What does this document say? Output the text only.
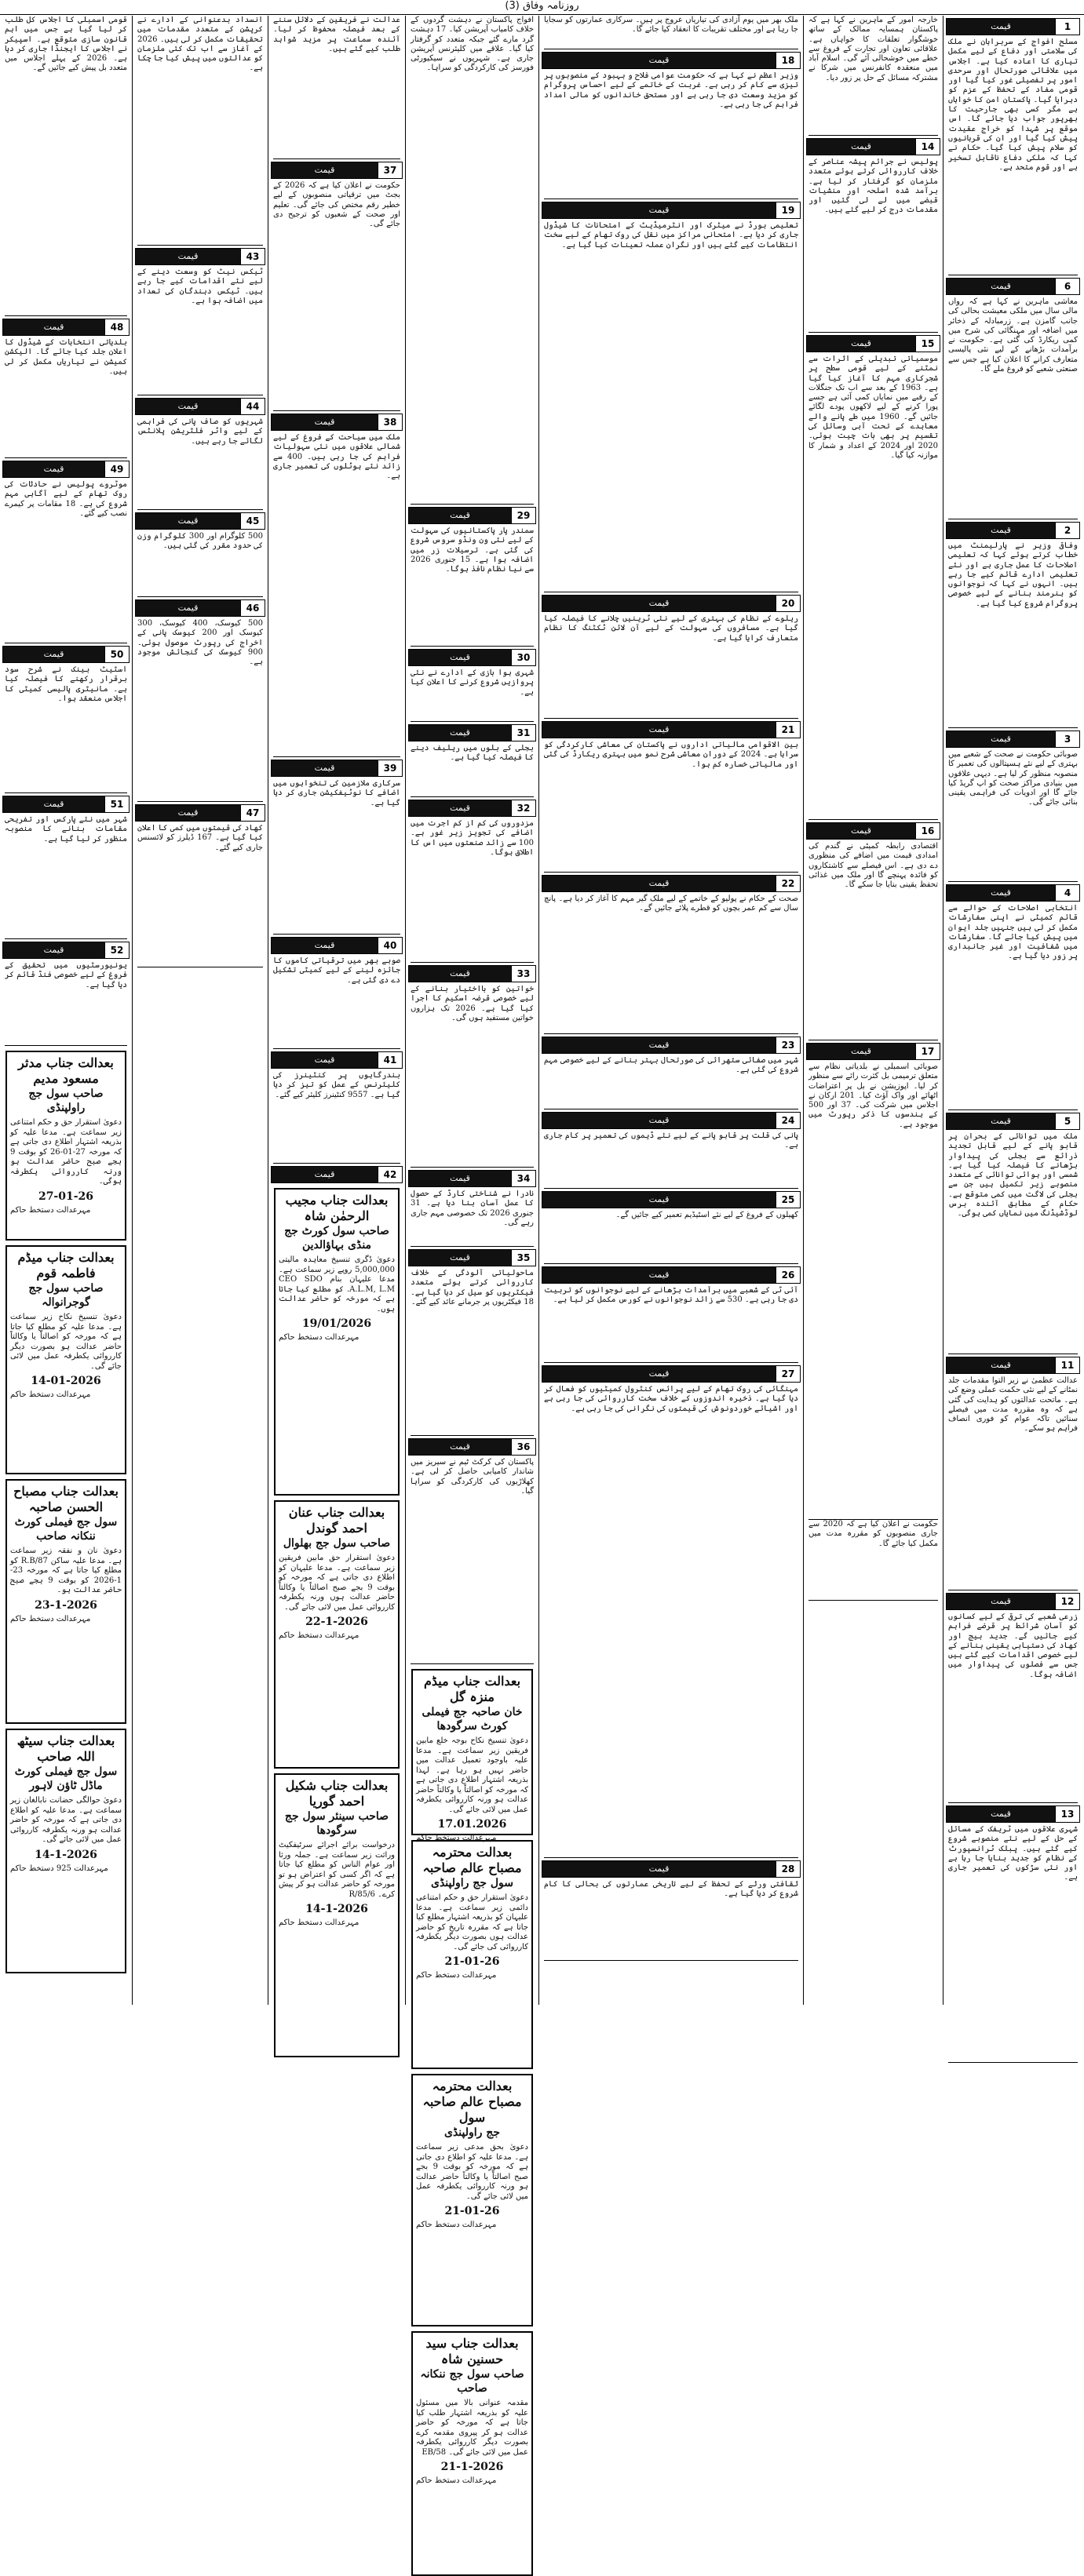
روزنامہ وفاق (3)
1
قیمت
مسلح افواج کے سربراہان نے ملک کی سلامتی اور دفاع کے لیے مکمل تیاری کا اعادہ کیا ہے۔ اجلاس میں علاقائی صورتحال اور سرحدی امور پر تفصیلی غور کیا گیا اور قومی مفاد کے تحفظ کے عزم کو دہرایا گیا۔ پاکستان امن کا خواہاں ہے مگر کسی بھی جارحیت کا بھرپور جواب دیا جائے گا۔ اس موقع پر شہدا کو خراج عقیدت پیش کیا گیا اور ان کی قربانیوں کو سلام پیش کیا گیا۔ حکام نے کہا کہ ملکی دفاع ناقابل تسخیر ہے اور قوم متحد ہے۔
6
قیمت
معاشی ماہرین نے کہا ہے کہ رواں مالی سال میں ملکی معیشت بحالی کی جانب گامزن ہے۔ زرمبادلہ کے ذخائر میں اضافہ اور مہنگائی کی شرح میں کمی ریکارڈ کی گئی ہے۔ حکومت نے برآمدات بڑھانے کے لیے نئی پالیسی متعارف کرانے کا اعلان کیا ہے جس سے صنعتی شعبے کو فروغ ملے گا۔
2
قیمت
وفاقی وزیر نے پارلیمنٹ میں خطاب کرتے ہوئے کہا کہ تعلیمی اصلاحات کا عمل جاری ہے اور نئے تعلیمی ادارے قائم کیے جا رہے ہیں۔ انہوں نے کہا کہ نوجوانوں کو ہنرمند بنانے کے لیے خصوصی پروگرام شروع کیا گیا ہے۔
3
قیمت
صوبائی حکومت نے صحت کے شعبے میں بہتری کے لیے نئے ہسپتالوں کی تعمیر کا منصوبہ منظور کر لیا ہے۔ دیہی علاقوں میں بنیادی مراکز صحت کو اپ گریڈ کیا جائے گا اور ادویات کی فراہمی یقینی بنائی جائے گی۔
4
قیمت
انتخابی اصلاحات کے حوالے سے قائم کمیٹی نے اپنی سفارشات مکمل کر لی ہیں جنہیں جلد ایوان میں پیش کیا جائے گا۔ سفارشات میں شفافیت اور غیر جانبداری پر زور دیا گیا ہے۔
5
قیمت
ملک میں توانائی کے بحران پر قابو پانے کے لیے قابل تجدید ذرائع سے بجلی کی پیداوار بڑھانے کا فیصلہ کیا گیا ہے۔ شمسی اور ہوائی توانائی کے متعدد منصوبے زیر تکمیل ہیں جن سے بجلی کی لاگت میں کمی متوقع ہے۔ حکام کے مطابق آئندہ برس لوڈشیڈنگ میں نمایاں کمی ہوگی۔
11
قیمت
عدالت عظمیٰ نے زیر التوا مقدمات جلد نمٹانے کے لیے نئی حکمت عملی وضع کی ہے۔ ماتحت عدالتوں کو ہدایت کی گئی ہے کہ وہ مقررہ مدت میں فیصلے سنائیں تاکہ عوام کو فوری انصاف فراہم ہو سکے۔
12
قیمت
زرعی شعبے کی ترقی کے لیے کسانوں کو آسان شرائط پر قرضے فراہم کیے جائیں گے۔ جدید بیج اور کھاد کی دستیابی یقینی بنانے کے لیے خصوصی اقدامات کیے گئے ہیں جس سے فصلوں کی پیداوار میں اضافہ ہوگا۔
13
قیمت
شہری علاقوں میں ٹریفک کے مسائل کے حل کے لیے نئے منصوبے شروع کیے گئے ہیں۔ پبلک ٹرانسپورٹ کے نظام کو جدید بنایا جا رہا ہے اور نئی سڑکوں کی تعمیر جاری ہے۔
خارجہ امور کے ماہرین نے کہا ہے کہ پاکستان ہمسایہ ممالک کے ساتھ خوشگوار تعلقات کا خواہاں ہے۔ علاقائی تعاون اور تجارت کے فروغ سے خطے میں خوشحالی آئے گی۔ اسلام آباد میں منعقدہ کانفرنس میں شرکا نے مشترکہ مسائل کے حل پر زور دیا۔
14
قیمت
پولیس نے جرائم پیشہ عناصر کے خلاف کارروائی کرتے ہوئے متعدد ملزمان کو گرفتار کر لیا ہے۔ برآمد شدہ اسلحہ اور منشیات قبضے میں لے لی گئیں اور مقدمات درج کر لیے گئے ہیں۔
15
قیمت
موسمیاتی تبدیلی کے اثرات سے نمٹنے کے لیے قومی سطح پر شجرکاری مہم کا آغاز کیا گیا ہے۔ 1963 کے بعد سے اب تک جنگلات کے رقبے میں نمایاں کمی آئی ہے جسے پورا کرنے کے لیے لاکھوں پودے لگائے جائیں گے۔ 1960 میں طے پانے والے معاہدے کے تحت آبی وسائل کی تقسیم پر بھی بات چیت ہوئی۔ 2020 اور 2024 کے اعداد و شمار کا موازنہ کیا گیا۔
16
قیمت
اقتصادی رابطہ کمیٹی نے گندم کی امدادی قیمت میں اضافے کی منظوری دے دی ہے۔ اس فیصلے سے کاشتکاروں کو فائدہ پہنچے گا اور ملک میں غذائی تحفظ یقینی بنایا جا سکے گا۔
17
قیمت
صوبائی اسمبلی نے بلدیاتی نظام سے متعلق ترمیمی بل کثرت رائے سے منظور کر لیا۔ اپوزیشن نے بل پر اعتراضات اٹھائے اور واک آؤٹ کیا۔ 201 ارکان نے اجلاس میں شرکت کی۔ 37 اور 500 کے ہندسوں کا ذکر رپورٹ میں موجود ہے۔
حکومت نے اعلان کیا ہے کہ 2020 سے جاری منصوبوں کو مقررہ مدت میں مکمل کیا جائے گا۔
ملک بھر میں یوم آزادی کی تیاریاں عروج پر ہیں۔ سرکاری عمارتوں کو سجایا جا رہا ہے اور مختلف تقریبات کا انعقاد کیا جائے گا۔
18
قیمت
وزیر اعظم نے کہا ہے کہ حکومت عوامی فلاح و بہبود کے منصوبوں پر تیزی سے کام کر رہی ہے۔ غربت کے خاتمے کے لیے احساس پروگرام کو مزید وسعت دی جا رہی ہے اور مستحق خاندانوں کو مالی امداد فراہم کی جا رہی ہے۔
19
قیمت
تعلیمی بورڈ نے میٹرک اور انٹرمیڈیٹ کے امتحانات کا شیڈول جاری کر دیا ہے۔ امتحانی مراکز میں نقل کی روک تھام کے لیے سخت انتظامات کیے گئے ہیں اور نگران عملہ تعینات کیا گیا ہے۔
20
قیمت
ریلوے کے نظام کی بہتری کے لیے نئی ٹرینیں چلانے کا فیصلہ کیا گیا ہے۔ مسافروں کی سہولت کے لیے آن لائن ٹکٹنگ کا نظام متعارف کرایا گیا ہے۔
21
قیمت
بین الاقوامی مالیاتی اداروں نے پاکستان کی معاشی کارکردگی کو سراہا ہے۔ 2024 کے دوران معاشی شرح نمو میں بہتری ریکارڈ کی گئی اور مالیاتی خسارہ کم ہوا۔
22
قیمت
صحت کے حکام نے پولیو کے خاتمے کے لیے ملک گیر مہم کا آغاز کر دیا ہے۔ پانچ سال سے کم عمر بچوں کو قطرے پلائے جائیں گے۔
23
قیمت
شہر میں صفائی ستھرائی کی صورتحال بہتر بنانے کے لیے خصوصی مہم شروع کی گئی ہے۔
24
قیمت
پانی کی قلت پر قابو پانے کے لیے نئے ڈیموں کی تعمیر پر کام جاری ہے۔
25
قیمت
کھیلوں کے فروغ کے لیے نئے اسٹیڈیم تعمیر کیے جائیں گے۔
26
قیمت
آئی ٹی کے شعبے میں برآمدات بڑھانے کے لیے نوجوانوں کو تربیت دی جا رہی ہے۔ 530 سے زائد نوجوانوں نے کورس مکمل کر لیا ہے۔
27
قیمت
مہنگائی کی روک تھام کے لیے پرائس کنٹرول کمیٹیوں کو فعال کر دیا گیا ہے۔ ذخیرہ اندوزوں کے خلاف سخت کارروائی کی جا رہی ہے اور اشیائے خوردونوش کی قیمتوں کی نگرانی کی جا رہی ہے۔
28
قیمت
ثقافتی ورثے کے تحفظ کے لیے تاریخی عمارتوں کی بحالی کا کام شروع کر دیا گیا ہے۔
افواج پاکستان نے دہشت گردوں کے خلاف کامیاب آپریشن کیا۔ 17 دہشت گرد مارے گئے جبکہ متعدد کو گرفتار کیا گیا۔ علاقے میں کلیئرنس آپریشن جاری ہے۔ شہریوں نے سیکیورٹی فورسز کی کارکردگی کو سراہا۔
29
قیمت
سمندر پار پاکستانیوں کی سہولت کے لیے نئی ون ونڈو سروس شروع کی گئی ہے۔ ترسیلات زر میں اضافہ ہوا ہے۔ 15 جنوری 2026 سے نیا نظام نافذ ہوگا۔
30
قیمت
شہری ہوا بازی کے ادارے نے نئی پروازیں شروع کرنے کا اعلان کیا ہے۔
31
قیمت
بجلی کے بلوں میں ریلیف دینے کا فیصلہ کیا گیا ہے۔
32
قیمت
مزدوروں کی کم از کم اجرت میں اضافے کی تجویز زیر غور ہے۔ 100 سے زائد صنعتوں میں اس کا اطلاق ہوگا۔
33
قیمت
خواتین کو بااختیار بنانے کے لیے خصوصی قرضہ اسکیم کا اجرا کیا گیا ہے۔ 2026 تک ہزاروں خواتین مستفید ہوں گی۔
34
قیمت
نادرا نے شناختی کارڈ کے حصول کا عمل آسان بنا دیا ہے۔ 31 جنوری 2026 تک خصوصی مہم جاری رہے گی۔
35
قیمت
ماحولیاتی آلودگی کے خلاف کارروائی کرتے ہوئے متعدد فیکٹریوں کو سیل کر دیا گیا ہے۔ 18 فیکٹریوں پر جرمانے عائد کیے گئے۔
36
قیمت
پاکستان کی کرکٹ ٹیم نے سیریز میں شاندار کامیابی حاصل کر لی ہے۔ کھلاڑیوں کی کارکردگی کو سراہا گیا۔
بعدالت جناب میڈم منزہ گل
خان صاحبہ جج فیملی کورٹ سرگودھا
دعویٰ تنسیخ نکاح بوجہ خلع مابین فریقین زیر سماعت ہے۔ مدعا علیہ باوجود تعمیل عدالت میں حاضر نہیں ہو رہا ہے۔ لہذا بذریعہ اشتہار اطلاع دی جاتی ہے کہ مورخہ کو اصالتاً یا وکالتاً حاضر عدالت ہو ورنہ کارروائی یکطرفہ عمل میں لائی جائے گی۔
17.01.2026
مہرعدالت دستخط حاکم
بعدالت محترمہ مصباح عالم صاحبہ
سول جج راولپنڈی
دعویٰ استقرار حق و حکم امتناعی دائمی زیر سماعت ہے۔ مدعا علیہان کو بذریعہ اشتہار مطلع کیا جاتا ہے کہ مقررہ تاریخ کو حاضر عدالت ہوں بصورت دیگر یکطرفہ کارروائی کی جائے گی۔
21-01-26
مہرعدالت دستخط حاکم
بعدالت محترمہ مصباح عالم صاحبہ سول
جج راولپنڈی
دعویٰ بحق مدعی زیر سماعت ہے۔ مدعا علیہ کو اطلاع دی جاتی ہے کہ مورخہ کو بوقت 9 بجے صبح اصالتاً یا وکالتاً حاضر عدالت ہو ورنہ کارروائی یکطرفہ عمل میں لائی جائے گی۔
21-01-26
مہرعدالت دستخط حاکم
بعدالت جناب سید حسنین شاہ
صاحب سول جج ننکانہ صاحب
مقدمہ عنوانی بالا میں مسئول علیہ کو بذریعہ اشتہار طلب کیا جاتا ہے کہ مورخہ کو حاضر عدالت ہو کر پیروی مقدمہ کرے بصورت دیگر کارروائی یکطرفہ عمل میں لائی جائے گی۔ 58/EB
21-1-2026
مہرعدالت دستخط حاکم
عدالت نے فریقین کے دلائل سننے کے بعد فیصلہ محفوظ کر لیا۔ آئندہ سماعت پر مزید شواہد طلب کیے گئے ہیں۔
37
قیمت
حکومت نے اعلان کیا ہے کہ 2026 کے بجٹ میں ترقیاتی منصوبوں کے لیے خطیر رقم مختص کی جائے گی۔ تعلیم اور صحت کے شعبوں کو ترجیح دی جائے گی۔
38
قیمت
ملک میں سیاحت کے فروغ کے لیے شمالی علاقوں میں نئی سہولیات فراہم کی جا رہی ہیں۔ 400 سے زائد نئے ہوٹلوں کی تعمیر جاری ہے۔
39
قیمت
سرکاری ملازمین کی تنخواہوں میں اضافے کا نوٹیفکیشن جاری کر دیا گیا ہے۔
40
قیمت
صوبے بھر میں ترقیاتی کاموں کا جائزہ لینے کے لیے کمیٹی تشکیل دے دی گئی ہے۔
41
قیمت
بندرگاہوں پر کنٹینرز کی کلیئرنس کے عمل کو تیز کر دیا گیا ہے۔ 9557 کنٹینرز کلیئر کیے گئے۔
42
قیمت
بعدالت جناب مجیب الرحمٰن شاہ
صاحب سول کورٹ جج منڈی بہاؤالدین
دعویٰ ڈگری تنسیخ معاہدہ مالیتی 5,000,000 روپے زیر سماعت ہے۔ مدعا علیہان بنام CEO SDO A.L.M, L.M. کو مطلع کیا جاتا ہے کہ مورخہ کو حاضر عدالت ہوں۔
19/01/2026
مہرعدالت دستخط حاکم
بعدالت جناب عنان احمد گوندل
صاحب سول جج بھلوال
دعویٰ استقرار حق مابین فریقین زیر سماعت ہے۔ مدعا علیہان کو اطلاع دی جاتی ہے کہ مورخہ کو بوقت 9 بجے صبح اصالتاً یا وکالتاً حاضر عدالت ہوں ورنہ یکطرفہ کارروائی عمل میں لائی جائے گی۔
22-1-2026
مہرعدالت دستخط حاکم
بعدالت جناب شکیل احمد گوریا
صاحب سینئر سول جج سرگودھا
درخواست برائے اجرائے سرٹیفکیٹ وراثت زیر سماعت ہے۔ جملہ ورثا اور عوام الناس کو مطلع کیا جاتا ہے کہ اگر کسی کو اعتراض ہو تو مورخہ کو حاضر عدالت ہو کر پیش کرے۔ 85/6/R
14-1-2026
مہرعدالت دستخط حاکم
انسداد بدعنوانی کے ادارے نے کرپشن کے متعدد مقدمات میں تحقیقات مکمل کر لی ہیں۔ 2026 کے آغاز سے اب تک کئی ملزمان کو عدالتوں میں پیش کیا جا چکا ہے۔
43
قیمت
ٹیکس نیٹ کو وسعت دینے کے لیے نئے اقدامات کیے جا رہے ہیں۔ ٹیکس دہندگان کی تعداد میں اضافہ ہوا ہے۔
44
قیمت
شہریوں کو صاف پانی کی فراہمی کے لیے واٹر فلٹریشن پلانٹس لگائے جا رہے ہیں۔
45
قیمت
500 کلوگرام اور 300 کلوگرام وزن کی حدود مقرر کی گئی ہیں۔
46
قیمت
500 کیوسک، 400 کیوسک، 300 کیوسک اور 200 کیوسک پانی کے اخراج کی رپورٹ موصول ہوئی۔ 900 کیوسک کی گنجائش موجود ہے۔
47
قیمت
کھاد کی قیمتوں میں کمی کا اعلان کیا گیا ہے۔ 167 ڈیلرز کو لائسنس جاری کیے گئے۔
قومی اسمبلی کا اجلاس کل طلب کر لیا گیا ہے جس میں اہم قانون سازی متوقع ہے۔ اسپیکر نے اجلاس کا ایجنڈا جاری کر دیا ہے۔ 2026 کے پہلے اجلاس میں متعدد بل پیش کیے جائیں گے۔
48
قیمت
بلدیاتی انتخابات کے شیڈول کا اعلان جلد کیا جائے گا۔ الیکشن کمیشن نے تیاریاں مکمل کر لی ہیں۔
49
قیمت
موٹروے پولیس نے حادثات کی روک تھام کے لیے آگاہی مہم شروع کی ہے۔ 18 مقامات پر کیمرے نصب کیے گئے۔
50
قیمت
اسٹیٹ بینک نے شرح سود برقرار رکھنے کا فیصلہ کیا ہے۔ مانیٹری پالیسی کمیٹی کا اجلاس منعقد ہوا۔
51
قیمت
شہر میں نئے پارکس اور تفریحی مقامات بنانے کا منصوبہ منظور کر لیا گیا ہے۔
52
قیمت
یونیورسٹیوں میں تحقیق کے فروغ کے لیے خصوصی فنڈ قائم کر دیا گیا ہے۔
بعدالت جناب مدثر مسعود مدیم
صاحب سول جج راولپنڈی
دعویٰ استقرار حق و حکم امتناعی زیر سماعت ہے۔ مدعا علیہ کو بذریعہ اشتہار اطلاع دی جاتی ہے کہ مورخہ 27-01-26 کو بوقت 9 بجے صبح حاضر عدالت ہو ورنہ کارروائی یکطرفہ ہوگی۔
27-01-26
مہرعدالت دستخط حاکم
بعدالت جناب میڈم فاطمہ قوم
صاحب سول جج گوجرانوالہ
دعویٰ تنسیخ نکاح زیر سماعت ہے۔ مدعا علیہ کو مطلع کیا جاتا ہے کہ مورخہ کو اصالتاً یا وکالتاً حاضر عدالت ہو بصورت دیگر کارروائی یکطرفہ عمل میں لائی جائے گی۔
14-01-2026
مہرعدالت دستخط حاکم
بعدالت جناب مصباح الحسن صاحبہ
سول جج فیملی کورٹ ننکانہ صاحب
دعویٰ نان و نفقہ زیر سماعت ہے۔ مدعا علیہ ساکن 87/R.B کو مطلع کیا جاتا ہے کہ مورخہ 23-1-2026 کو بوقت 9 بجے صبح حاضر عدالت ہو۔
23-1-2026
مہرعدالت دستخط حاکم
بعدالت جناب سیٹھ اللہ صاحب
سول جج فیملی کورٹ ماڈل ٹاؤن لاہور
دعویٰ حوالگی حضانت نابالغان زیر سماعت ہے۔ مدعا علیہ کو اطلاع دی جاتی ہے کہ مورخہ کو حاضر عدالت ہو ورنہ یکطرفہ کارروائی عمل میں لائی جائے گی۔
14-1-2026
مہرعدالت 925 دستخط حاکم
